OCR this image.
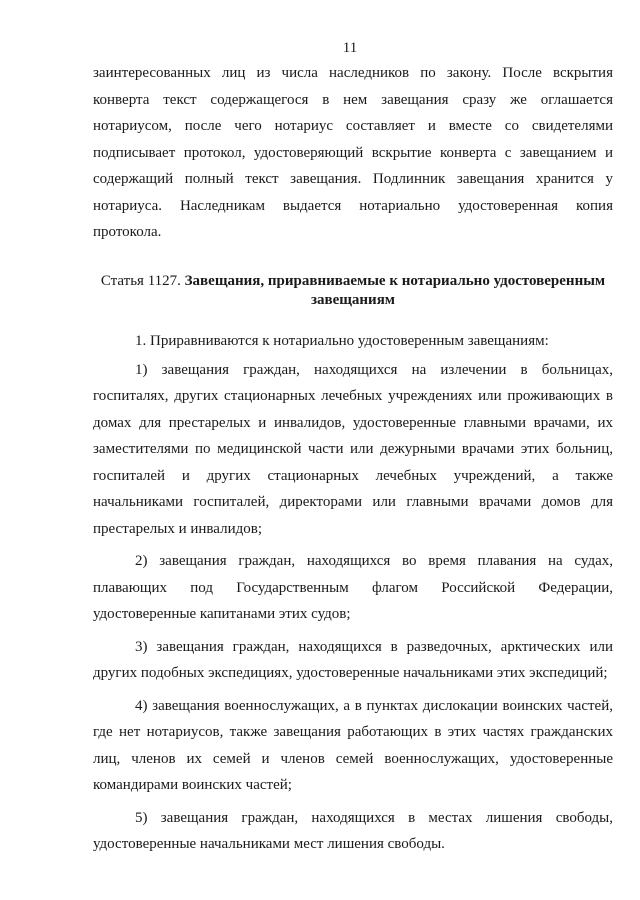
11

заинтересованных лиц из числа наследников по закону. После вскрытия конверта текст содержащегося в нем завещания сразу же оглашается нотариусом, после чего нотариус составляет и вместе со свидетелями подписывает протокол, удостоверяющий вскрытие конверта с завещанием и содержащий полный текст завещания. Подлинник завещания хранится у нотариуса. Наследникам выдается нотариально удостоверенная копия протокола.

Статья 1127. Завещания, приравниваемые к нотариально удостоверенным завещаниям

1. Приравниваются к нотариально удостоверенным завещаниям:

1) завещания граждан, находящихся на излечении в больницах, госпиталях, других стационарных лечебных учреждениях или проживающих в домах для престарелых и инвалидов, удостоверенные главными врачами, их заместителями по медицинской части или дежурными врачами этих больниц, госпиталей и других стационарных лечебных учреждений, а также начальниками госпиталей, директорами или главными врачами домов для престарелых и инвалидов;

2) завещания граждан, находящихся во время плавания на судах, плавающих под Государственным флагом Российской Федерации, удостоверенные капитанами этих судов;

3) завещания граждан, находящихся в разведочных, арктических или других подобных экспедициях, удостоверенные начальниками этих экспедиций;

4) завещания военнослужащих, а в пунктах дислокации воинских частей, где нет нотариусов, также завещания работающих в этих частях гражданских лиц, членов их семей и членов семей военнослужащих, удостоверенные командирами воинских частей;

5) завещания граждан, находящихся в местах лишения свободы, удостоверенные начальниками мест лишения свободы.
